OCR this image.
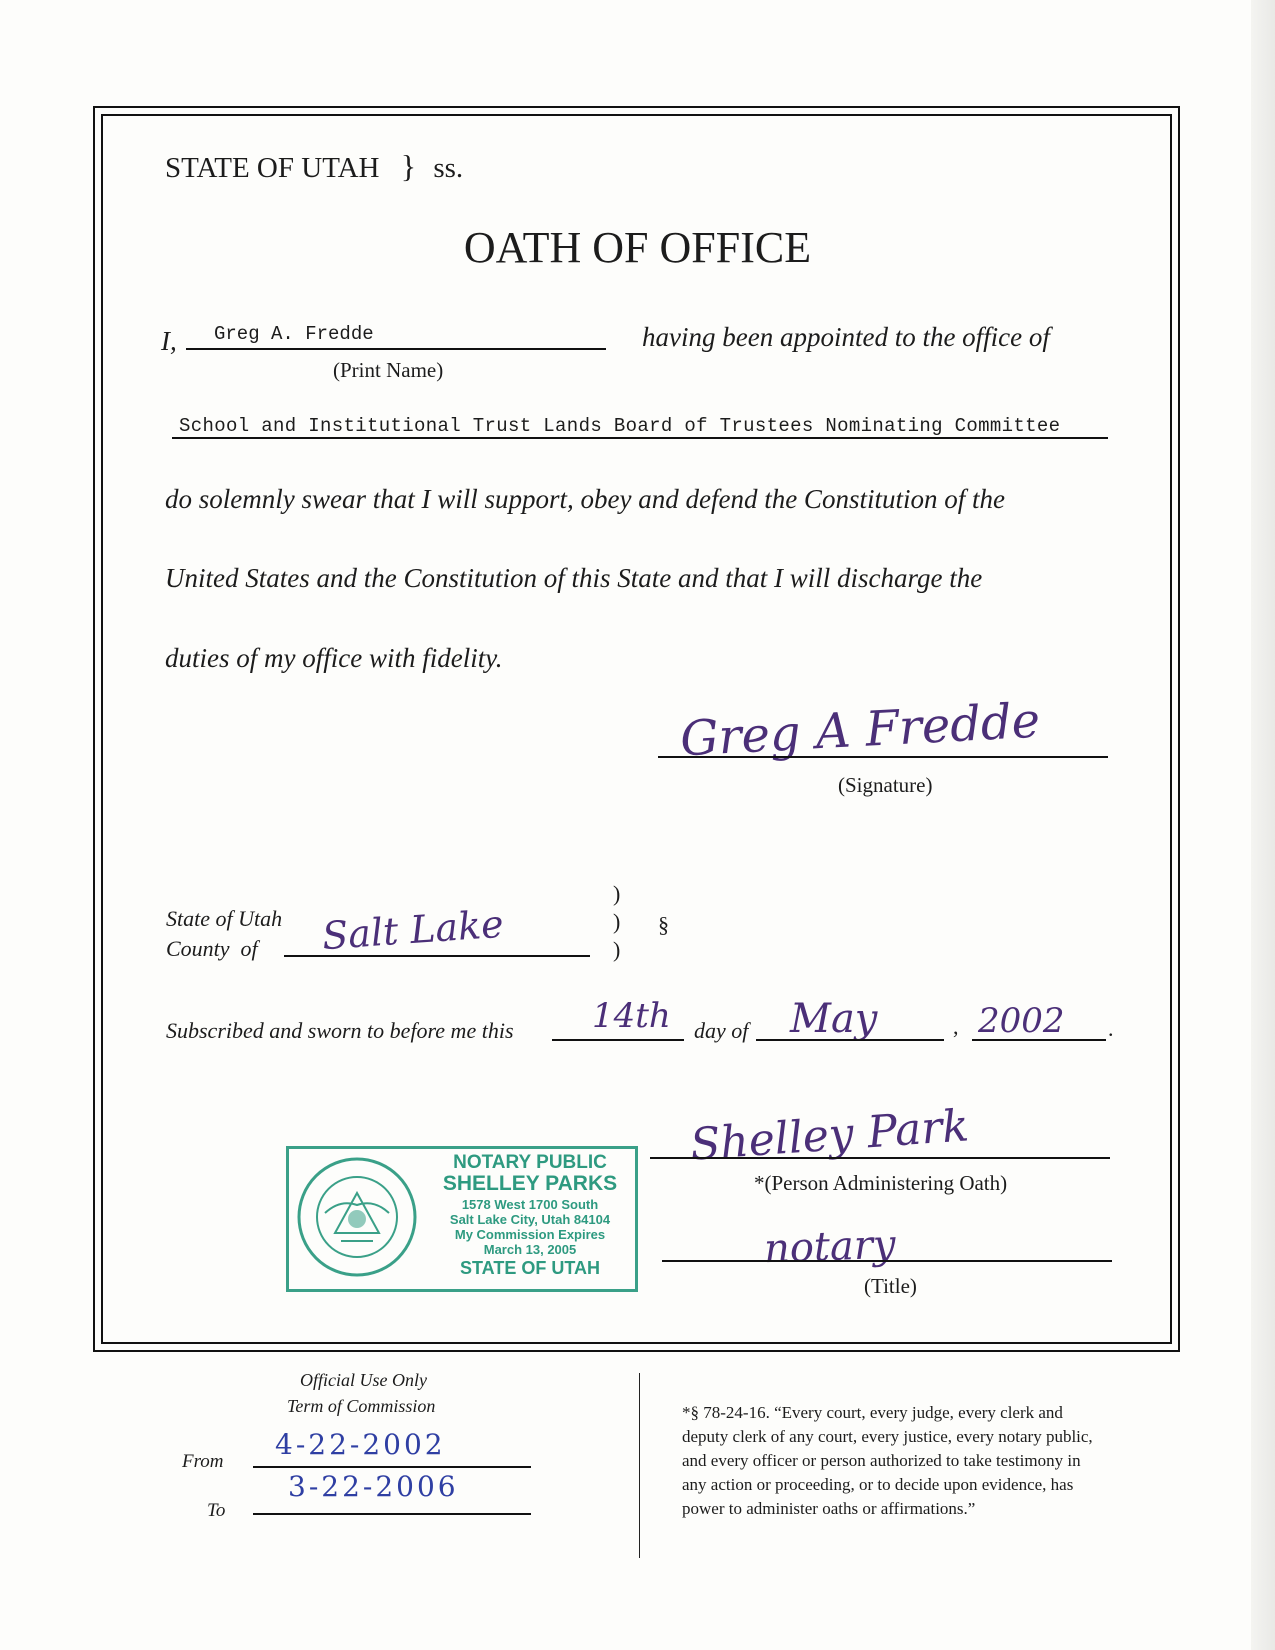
STATE OF UTAH } ss.
OATH OF OFFICE
I, Greg A. Fredde
(Print Name)
having been appointed to the office of
School and Institutional Trust Lands Board of Trustees Nominating Committee
do solemnly swear that I will support, obey and defend the Constitution of the
United States and the Constitution of this State and that I will discharge the
duties of my office with fidelity.
Greg A Fredde
(Signature)
State of Utah
County  of Salt Lake
)
)
)
§
Subscribed and sworn to before me this 14th day of May	, 2002 .
Shelley Park
*(Person Administering Oath)
notary
(Title)
NOTARY PUBLIC
SHELLEY PARKS
1578 West 1700 South
Salt Lake City, Utah 84104
My Commission Expires
March 13, 2005
STATE OF UTAH
Official Use Only
Term of Commission
From
4-22-2002
3-22-2006
To
*§ 78-24-16. “Every court, every judge, every clerk and
deputy clerk of any court, every justice, every notary public,
and every officer or person authorized to take testimony in
any action or proceeding, or to decide upon evidence, has
power to administer oaths or affirmations.”
